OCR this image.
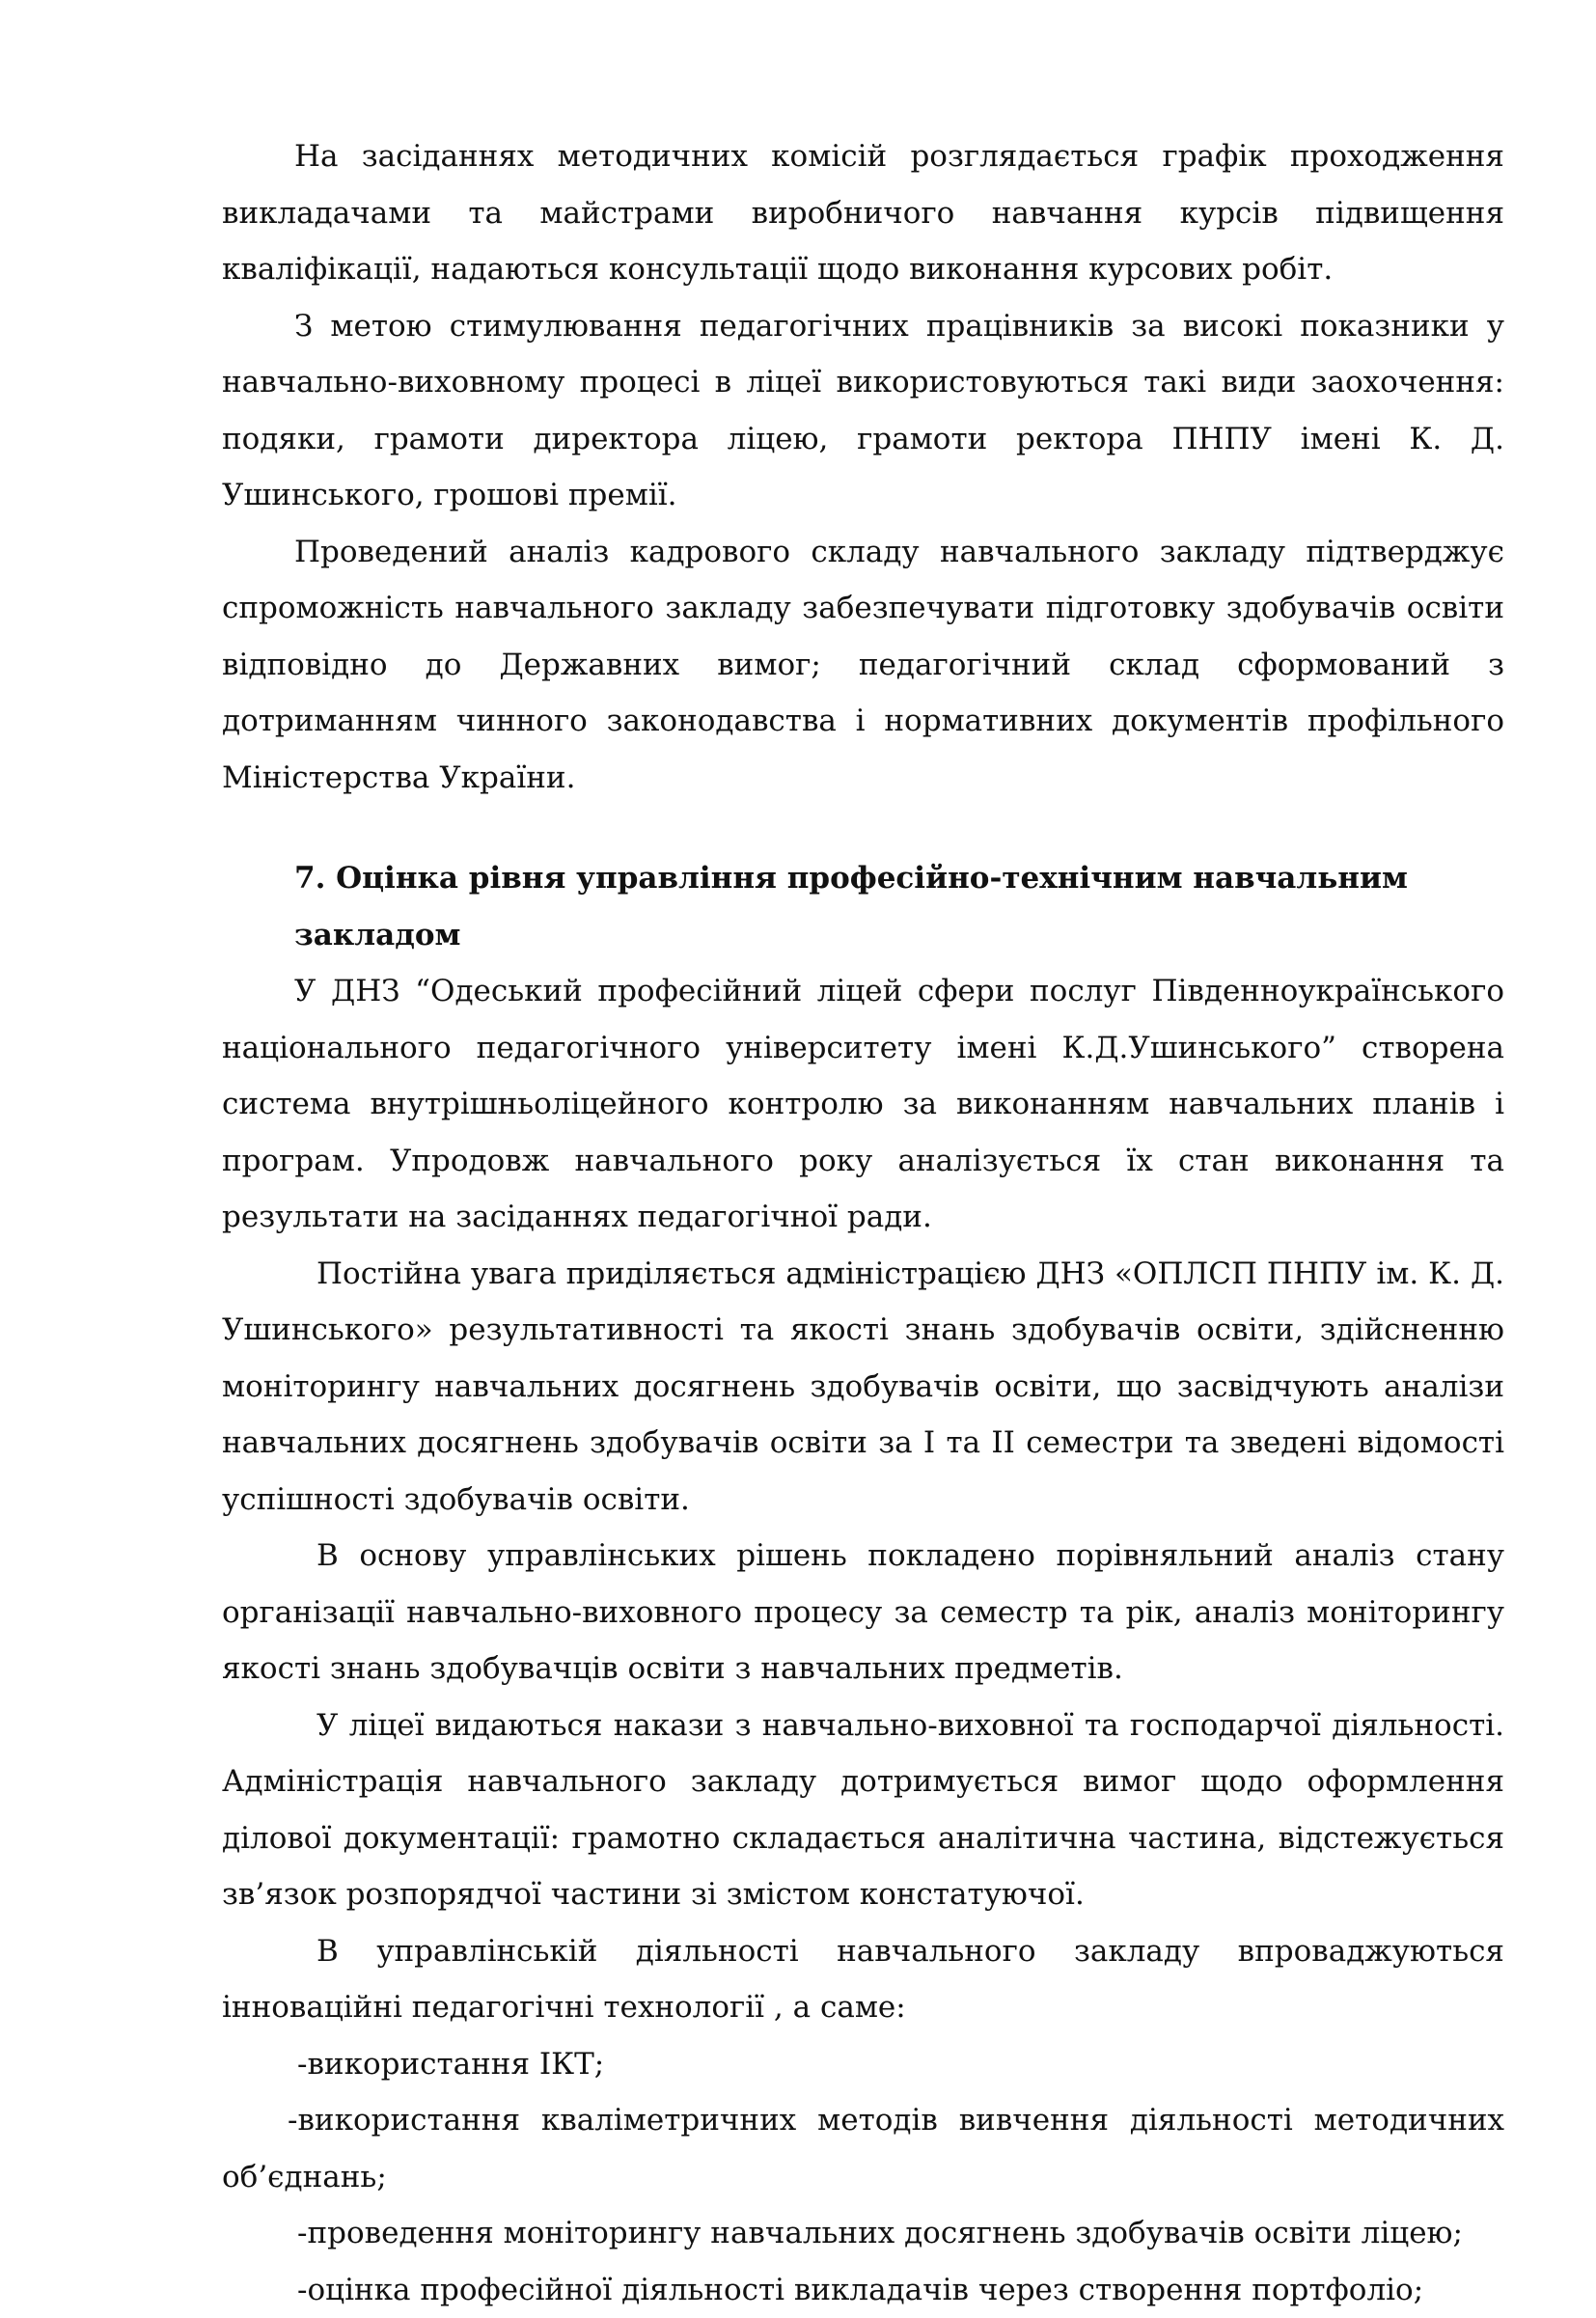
На засіданнях методичних комісій розглядається графік проходження викладачами та майстрами виробничого навчання курсів підвищення кваліфікації, надаються консультації щодо виконання курсових робіт.

З метою стимулювання педагогічних працівників за високі показники у навчально-виховному процесі в ліцеї використовуються такі види заохочення: подяки, грамоти директора ліцею, грамоти ректора ПНПУ імені К. Д. Ушинського, грошові премії.

Проведений аналіз кадрового складу навчального закладу підтверджує спроможність навчального закладу забезпечувати підготовку здобувачів освіти відповідно до Державних вимог; педагогічний склад сформований з дотриманням чинного законодавства і нормативних документів профільного Міністерства України.

7. Оцінка рівня управління професійно-технічним навчальним закладом

У ДНЗ “Одеський професійний ліцей сфери послуг Південноукраїнського національного педагогічного університету імені К.Д.Ушинського” створена система внутрішньоліцейного контролю за виконанням навчальних планів і програм. Упродовж навчального року аналізується їх стан виконання та результати на засіданнях педагогічної ради.

Постійна увага приділяється адміністрацією ДНЗ «ОПЛСП ПНПУ ім. К. Д. Ушинського» результативності та якості знань здобувачів освіти, здійсненню моніторингу навчальних досягнень здобувачів освіти, що засвідчують аналізи навчальних досягнень здобувачів освіти за І та ІІ семестри та зведені відомості успішності здобувачів освіти.

В основу управлінських рішень покладено порівняльний аналіз стану організації навчально-виховного процесу за семестр та рік, аналіз моніторингу якості знань здобувачців освіти з навчальних предметів.

У ліцеї видаються накази з навчально-виховної та господарчої діяльності. Адміністрація навчального закладу дотримується вимог щодо оформлення ділової документації: грамотно складається аналітична частина, відстежується зв’язок розпорядчої частини зі змістом констатуючої.

В управлінській діяльності навчального закладу впроваджуються інноваційні педагогічні технології , а саме:

-використання ІКТ;

-використання кваліметричних методів вивчення діяльності методичних об’єднань;

-проведення моніторингу навчальних досягнень здобувачів освіти ліцею;

-оцінка професійної діяльності викладачів через створення портфоліо;
